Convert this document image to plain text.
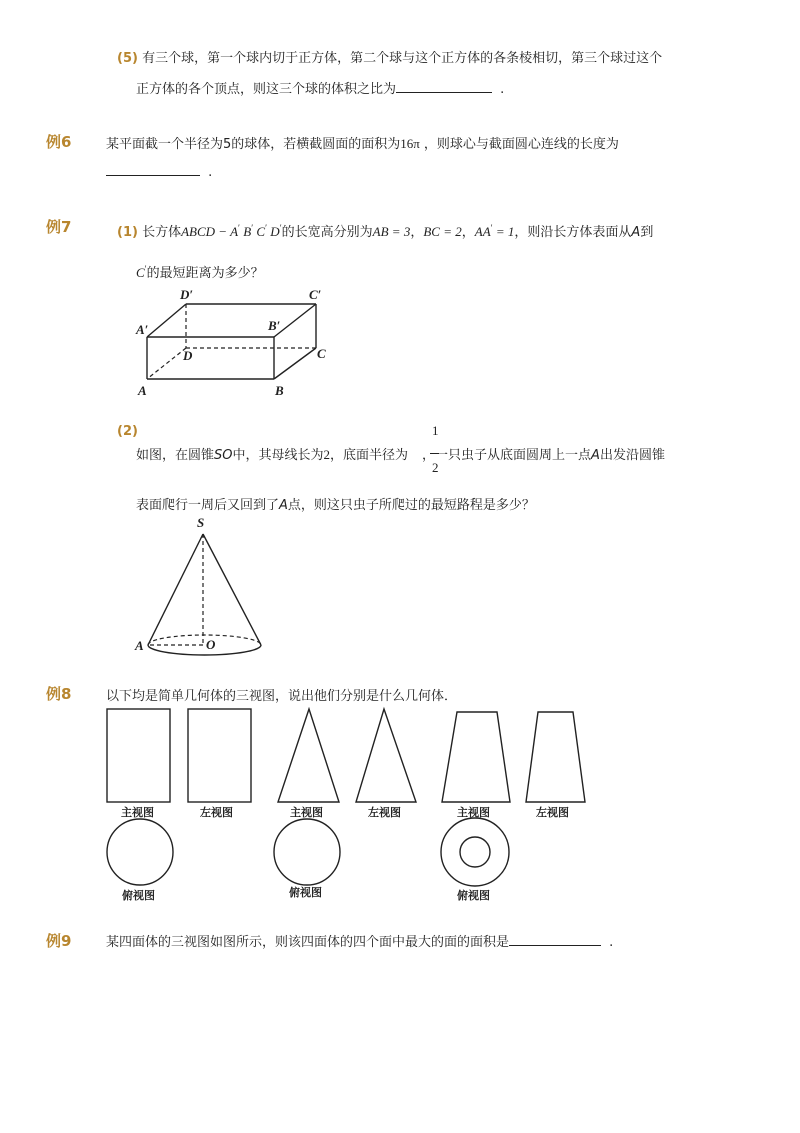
(5) 有三个球，第一个球内切于正方体，第二个球与这个正方体的各条棱相切，第三个球过这个
正方体的各个顶点，则这三个球的体积之比为	.
例6	某平面截一个半径为5的球体，若横截圆面的面积为16π ，则球心与截面圆心连线的长度为
.
例7	(1) 长方体ABCD − A′ B′ C′ D′的长宽高分别为AB = 3，BC = 2，AA′ = 1，则沿长方体表面从A到
C′的最短距离为多少？
D′	C′
A′	B′
D	C
A	B
(2)
如图，在圆锥SO中，其母线长为2，底面半径为 ，一只虫子从底面圆周上一点A出发沿圆锥
1
2
表面爬行一周后又回到了A点，则这只虫子所爬过的最短路程是多少？
S
A	O
例8	以下均是简单几何体的三视图，说出他们分别是什么几何体．
主视图	左视图	主视图	左视图	主视图	左视图
俯视图	俯视图	俯视图
例9	某四面体的三视图如图所示，则该四面体的四个面中最大的面的面积是	.
